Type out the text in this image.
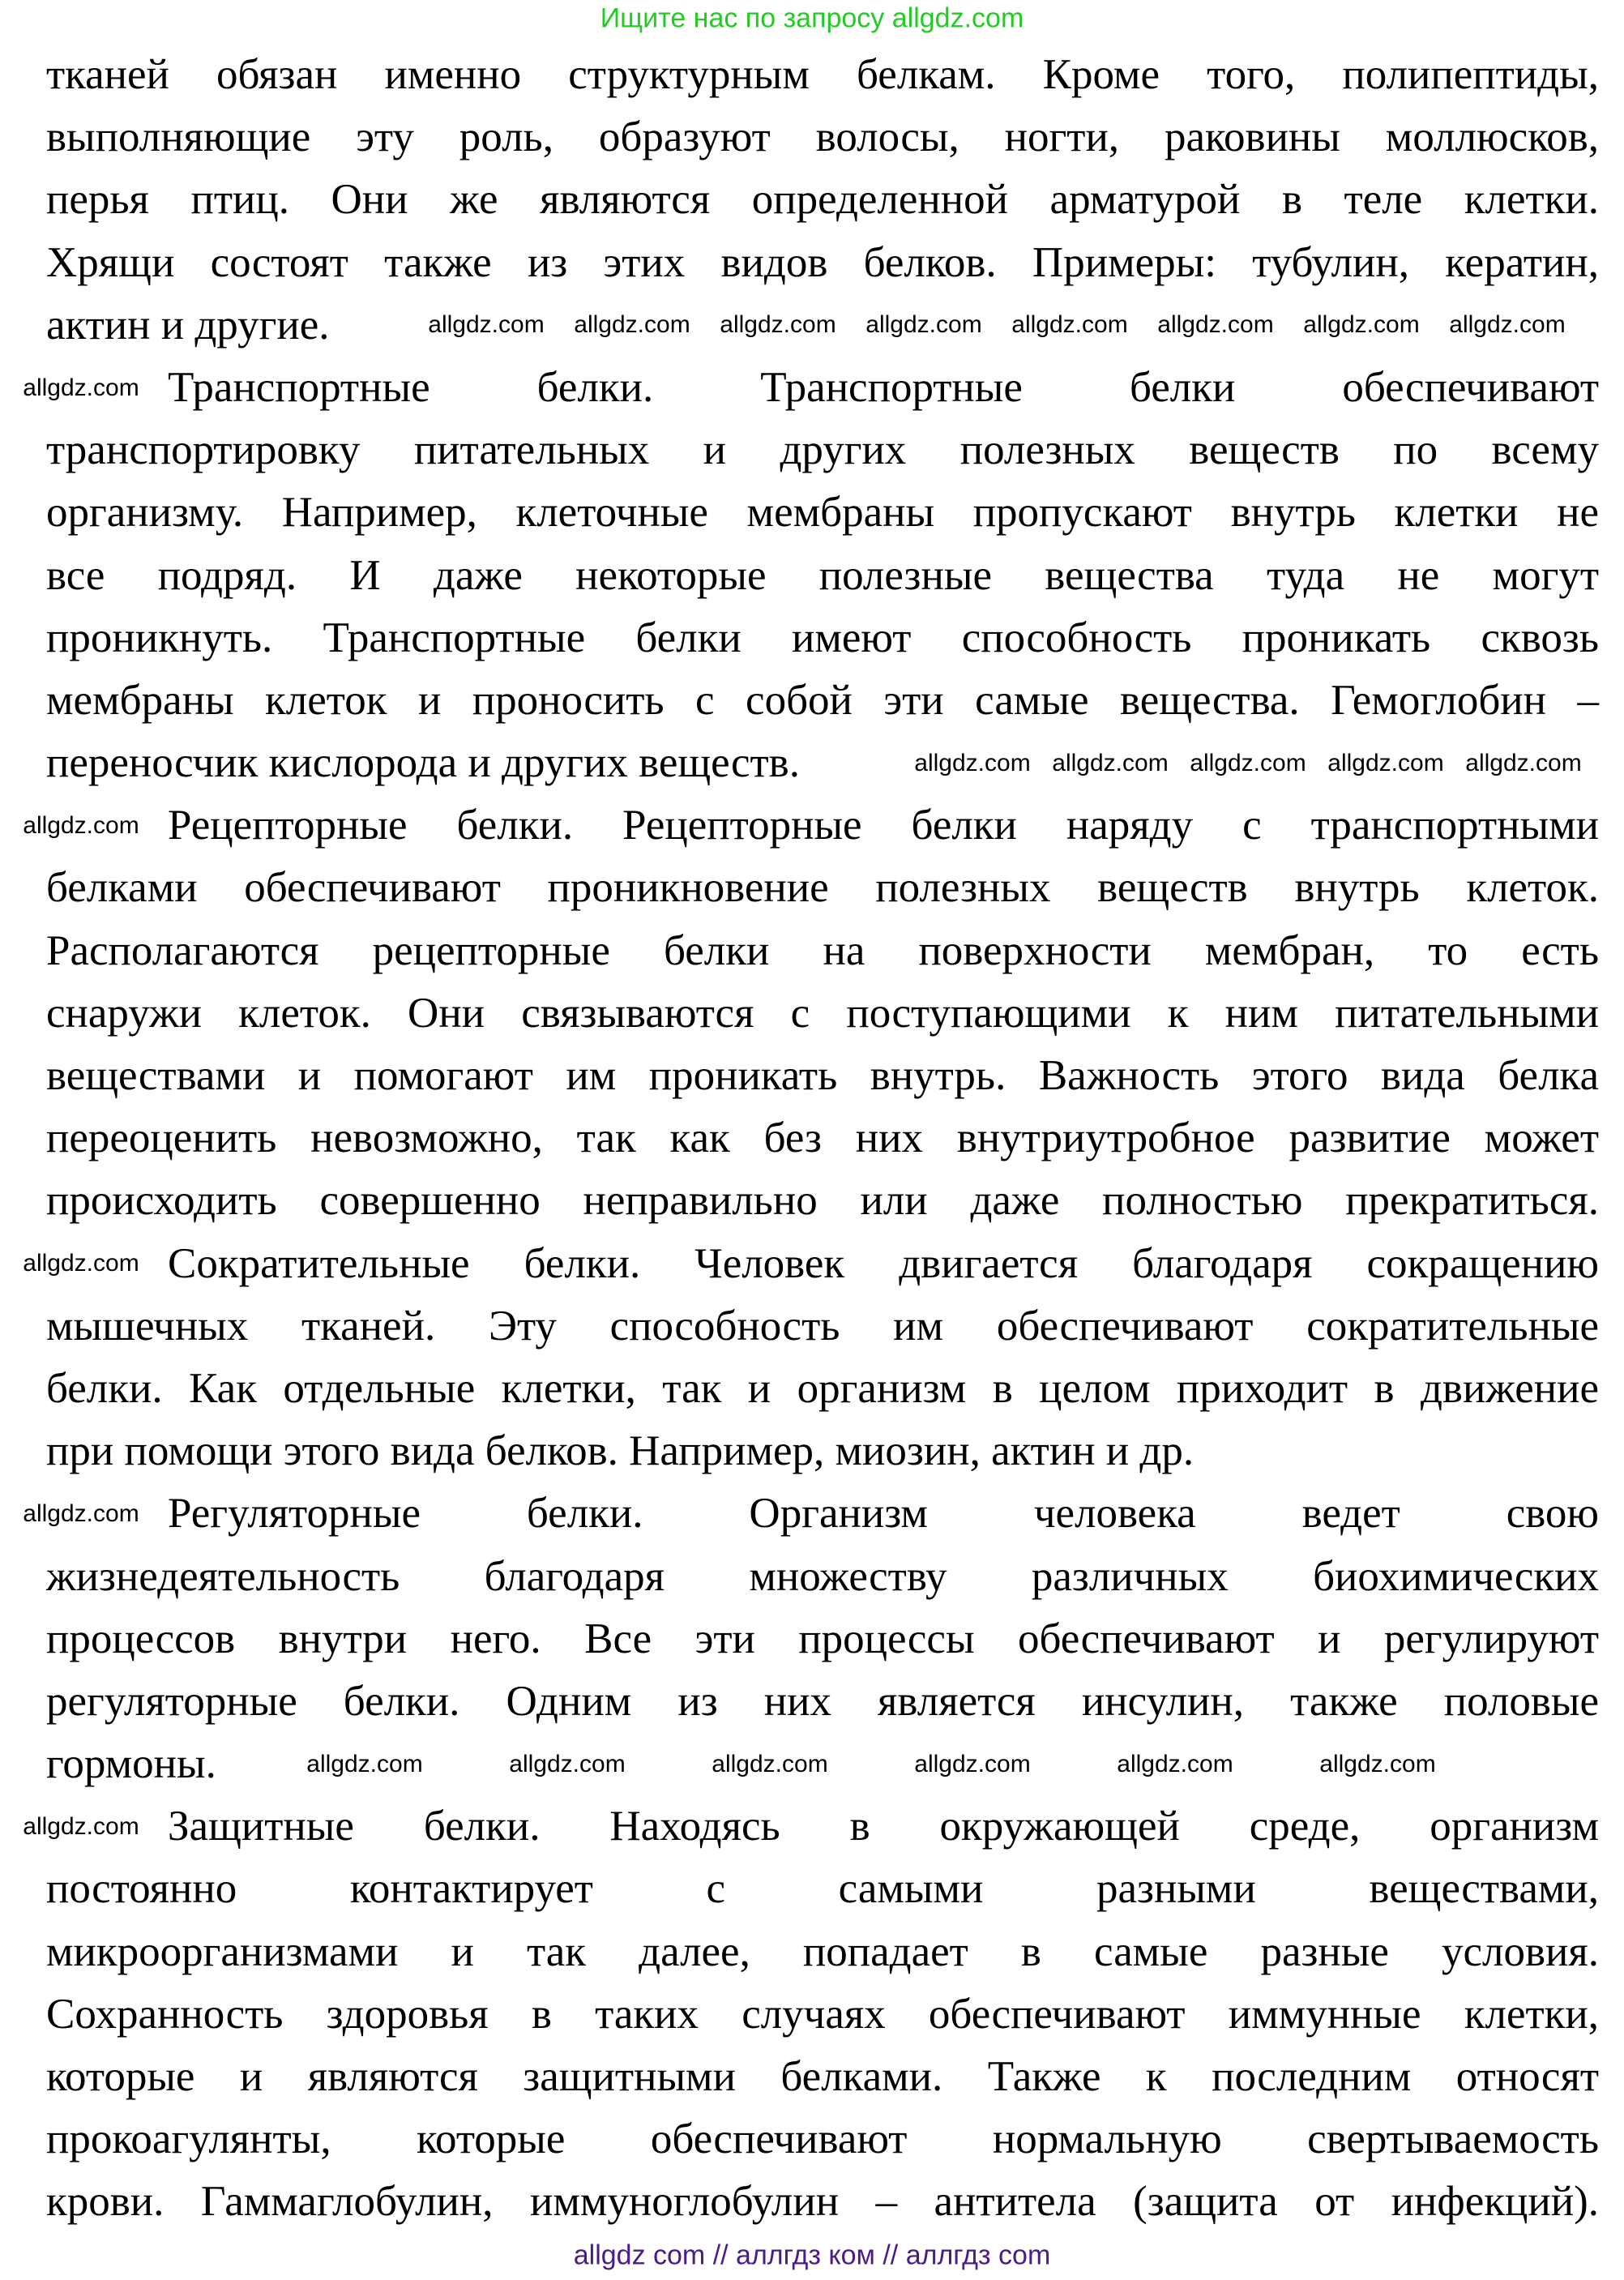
Ищите нас по запросу allgdz.com
тканей обязан именно структурным белкам. Кроме того, полипептиды,
выполняющие эту роль, образуют волосы, ногти, раковины моллюсков,
перья птиц. Они же являются определенной арматурой в теле клетки.
Хрящи состоят также из этих видов белков. Примеры: тубулин, кератин,
актин и другие.
Транспортные белки. Транспортные белки обеспечивают
транспортировку питательных и других полезных веществ по всему
организму. Например, клеточные мембраны пропускают внутрь клетки не
все подряд. И даже некоторые полезные вещества туда не могут
проникнуть. Транспортные белки имеют способность проникать сквозь
мембраны клеток и проносить с собой эти самые вещества. Гемоглобин –
переносчик кислорода и других веществ.
Рецепторные белки. Рецепторные белки наряду с транспортными
белками обеспечивают проникновение полезных веществ внутрь клеток.
Располагаются рецепторные белки на поверхности мембран, то есть
снаружи клеток. Они связываются с поступающими к ним питательными
веществами и помогают им проникать внутрь. Важность этого вида белка
переоценить невозможно, так как без них внутриутробное развитие может
происходить совершенно неправильно или даже полностью прекратиться.
Сократительные белки. Человек двигается благодаря сокращению
мышечных тканей. Эту способность им обеспечивают сократительные
белки. Как отдельные клетки, так и организм в целом приходит в движение
при помощи этого вида белков. Например, миозин, актин и др.
Регуляторные белки. Организм человека ведет свою
жизнедеятельность благодаря множеству различных биохимических
процессов внутри него. Все эти процессы обеспечивают и регулируют
регуляторные белки. Одним из них является инсулин, также половые
гормоны.
Защитные белки. Находясь в окружающей среде, организм
постоянно контактирует с самыми разными веществами,
микроорганизмами и так далее, попадает в самые разные условия.
Сохранность здоровья в таких случаях обеспечивают иммунные клетки,
которые и являются защитными белками. Также к последним относят
прокоагулянты, которые обеспечивают нормальную свертываемость
крови. Гаммаглобулин, иммуноглобулин – антитела (защита от инфекций).
allgdz.com
allgdz.com
allgdz.com
allgdz.com
allgdz.com
allgdz.com allgdz.com allgdz.com allgdz.com allgdz.com allgdz.com allgdz.com allgdz.com
allgdz.com allgdz.com allgdz.com allgdz.com allgdz.com
allgdz.com	allgdz.com	allgdz.com	allgdz.com	allgdz.com	allgdz.com
allgdz com // аллгдз ком // аллгдз com
